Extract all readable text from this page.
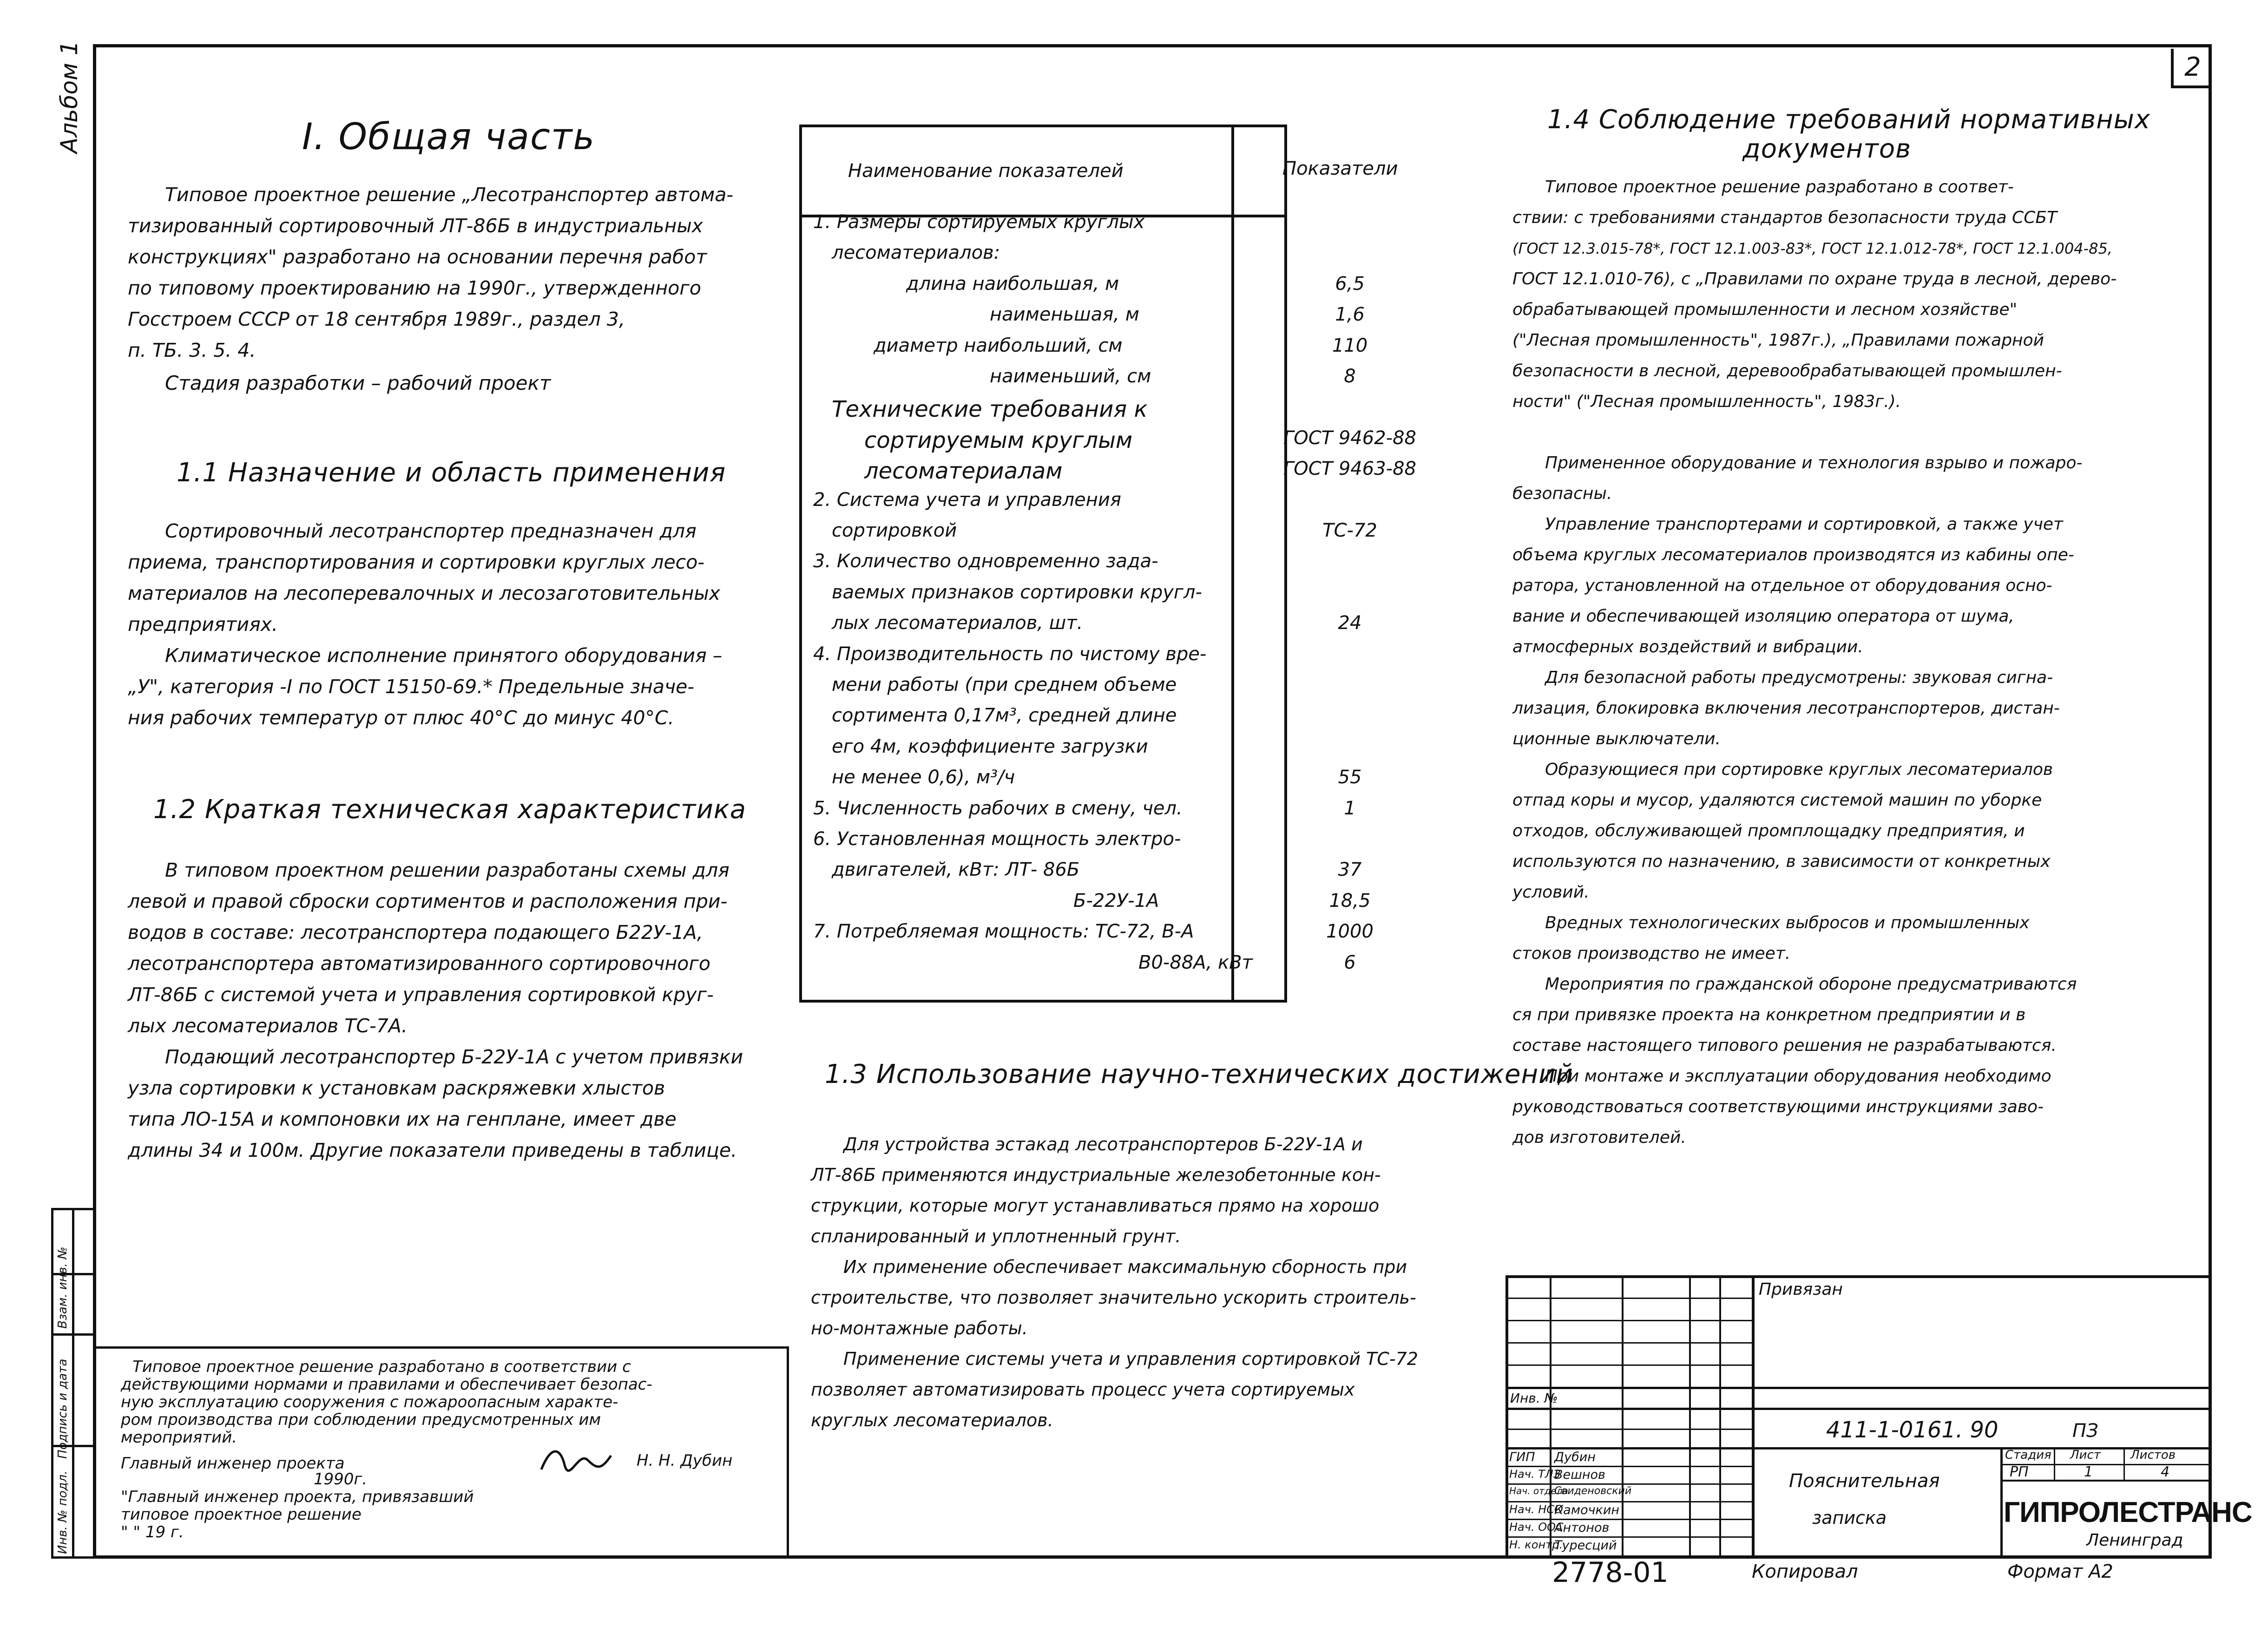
2
Альбом 1	I. Общая часть
Типовое проектное решение „Лесотранспортер автома-
тизированный сортировочный ЛТ-86Б в индустриальных
конструкциях" разработано на основании перечня работ
по типовому проектированию на 1990г., утвержденного
Госстроем СССР от 18 сентября 1989г., раздел 3,
п. ТБ. 3. 5. 4.
Стадия разработки – рабочий проект
1.1 Назначение и область применения
Сортировочный лесотранспортер предназначен для
приема, транспортирования и сортировки круглых лесо-
материалов на лесоперевалочных и лесозаготовительных
предприятиях.
Климатическое исполнение принятого оборудования –
„У", категория -I по ГОСТ 15150-69.* Предельные значе-
ния рабочих температур от плюс 40°С до минус 40°С.
1.2 Краткая техническая характеристика
В типовом проектном решении разработаны схемы для
левой и правой сброски сортиментов и расположения при-
водов в составе: лесотранспортера подающего Б22У-1А,
лесотранспортера автоматизированного сортировочного
ЛТ-86Б с системой учета и управления сортировкой круг-
лых лесоматериалов ТС-7А.
Подающий лесотранспортер Б-22У-1А с учетом привязки
узла сортировки к установкам раскряжевки хлыстов
типа ЛО-15А и компоновки их на генплане, имеет две
длины 34 и 100м. Другие показатели приведены в таблице.
Наименование показателей	Показатели
1. Размеры сортируемых круглых
лесоматериалов:
длина наибольшая, м	6,5
наименьшая, м	1,6
диаметр наибольший, см	110
наименьший, см	8
Технические требования к
сортируемым круглым	ГОСТ 9462-88
лесоматериалам	ГОСТ 9463-88
2. Система учета и управления
сортировкой	ТС-72
3. Количество одновременно зада-
ваемых признаков сортировки кругл-
лых лесоматериалов, шт.	24
4. Производительность по чистому вре-
мени работы (при среднем объеме
сортимента 0,17м³, средней длине
его 4м, коэффициенте загрузки
не менее 0,6), м³/ч	55
5. Численность рабочих в смену, чел.	1
6. Установленная мощность электро-
двигателей, кВт: ЛТ- 86Б	37
Б-22У-1А	18,5
7. Потребляемая мощность: ТС-72, В-А	1000
В0-88А, кВт	6
1.3 Использование научно-технических достижений
Для устройства эстакад лесотранспортеров Б-22У-1А и
ЛТ-86Б применяются индустриальные железобетонные кон-
струкции, которые могут устанавливаться прямо на хорошо
спланированный и уплотненный грунт.
Их применение обеспечивает максимальную сборность при
строительстве, что позволяет значительно ускорить строитель-
но-монтажные работы.
Применение системы учета и управления сортировкой ТС-72
позволяет автоматизировать процесс учета сортируемых
круглых лесоматериалов.
1.4 Соблюдение требований нормативных
документов
Типовое проектное решение разработано в соответ-
ствии: с требованиями стандартов безопасности труда ССБТ
(ГОСТ 12.3.015-78*, ГОСТ 12.1.003-83*, ГОСТ 12.1.012-78*, ГОСТ 12.1.004-85,
ГОСТ 12.1.010-76), с „Правилами по охране труда в лесной, дерево-
обрабатывающей промышленности и лесном хозяйстве"
("Лесная промышленность", 1987г.), „Правилами пожарной
безопасности в лесной, деревообрабатывающей промышлен-
ности" ("Лесная промышленность", 1983г.).
Примененное оборудование и технология взрыво и пожаро-
безопасны.
Управление транспортерами и сортировкой, а также учет
объема круглых лесоматериалов производятся из кабины опе-
ратора, установленной на отдельное от оборудования осно-
вание и обеспечивающей изоляцию оператора от шума,
атмосферных воздействий и вибрации.
Для безопасной работы предусмотрены: звуковая сигна-
лизация, блокировка включения лесотранспортеров, дистан-
ционные выключатели.
Образующиеся при сортировке круглых лесоматериалов
отпад коры и мусор, удаляются системой машин по уборке
отходов, обслуживающей промплощадку предприятия, и
используются по назначению, в зависимости от конкретных
условий.
Вредных технологических выбросов и промышленных
стоков производство не имеет.
Мероприятия по гражданской обороне предусматриваются
ся при привязке проекта на конкретном предприятии и в
составе настоящего типового решения не разрабатываются.
При монтаже и эксплуатации оборудования необходимо
руководствоваться соответствующими инструкциями заво-
дов изготовителей.
Инв. № подл.
Подпись и дата
Взам. инв. №
Типовое проектное решение разработано в соответствии с
действующими нормами и правилами и обеспечивает безопас-
ную эксплуатацию сооружения с пожароопасным характе-
ром производства при соблюдении предусмотренных им
мероприятий.
Главный инженер проекта	Н. Н. Дубин
1990г.
"Главный инженер проекта, привязавший
типовое проектное решение
" " 19 г.
Привязан
Инв. №
411-1-0161. 90	ПЗ
Пояснительная
записка
Стадия Лист Листов
РП	1	4
ГИПРОЛЕСТРАНС
Ленинград
ГИП Дубин
Нач. ТЛЗ
Вешнов
Нач. отдела
Свиденовский
Нач. НСО
Камочкин
Нач. ООС
Антонов
Н. контр.
Туресций
2778-01	Копировал	Формат А2
